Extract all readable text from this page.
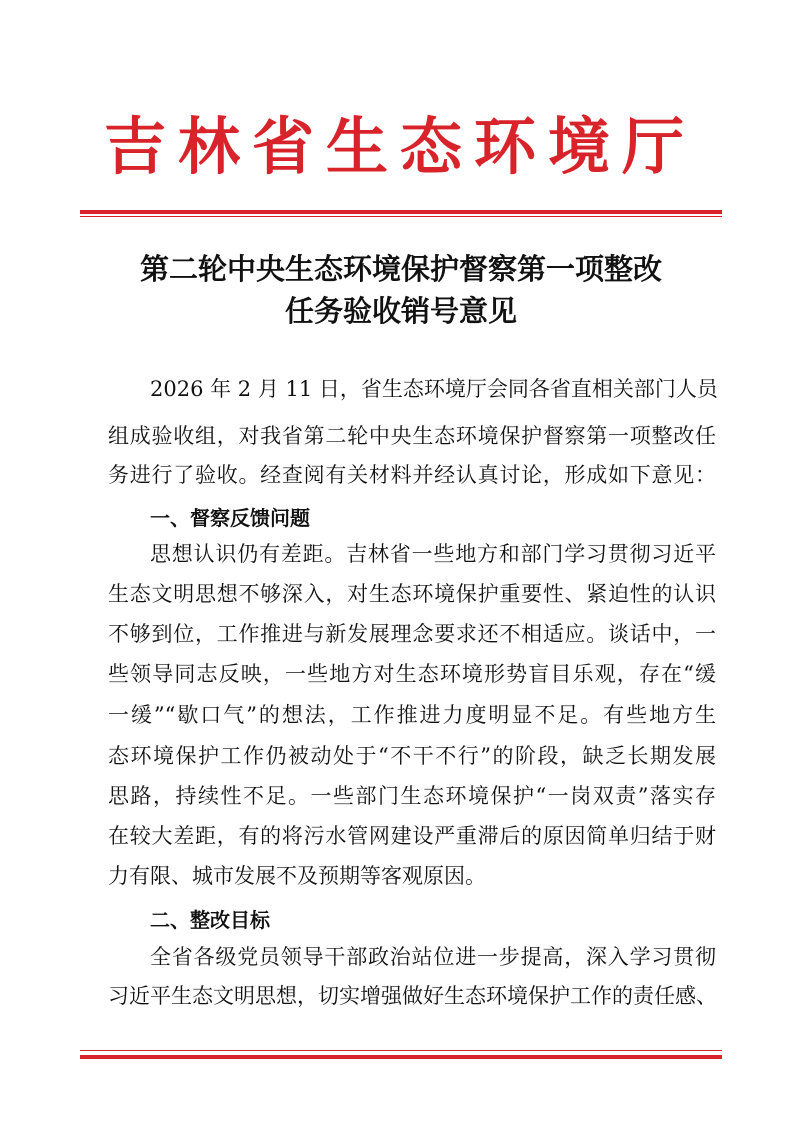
吉林省生态环境厅
第二轮中央生态环境保护督察第一项整改
任务验收销号意见
2026 年 2 月 11 日，省生态环境厅会同各省直相关部门人员
组成验收组，对我省第二轮中央生态环境保护督察第一项整改任
务进行了验收。经查阅有关材料并经认真讨论，形成如下意见：
一、督察反馈问题
思想认识仍有差距。吉林省一些地方和部门学习贯彻习近平
生态文明思想不够深入，对生态环境保护重要性、紧迫性的认识
不够到位，工作推进与新发展理念要求还不相适应。谈话中，一
些领导同志反映，一些地方对生态环境形势盲目乐观，存在“缓
一缓”“歇口气”的想法，工作推进力度明显不足。有些地方生
态环境保护工作仍被动处于“不干不行”的阶段，缺乏长期发展
思路，持续性不足。一些部门生态环境保护“一岗双责”落实存
在较大差距，有的将污水管网建设严重滞后的原因简单归结于财
力有限、城市发展不及预期等客观原因。
二、整改目标
全省各级党员领导干部政治站位进一步提高，深入学习贯彻
习近平生态文明思想，切实增强做好生态环境保护工作的责任感、
